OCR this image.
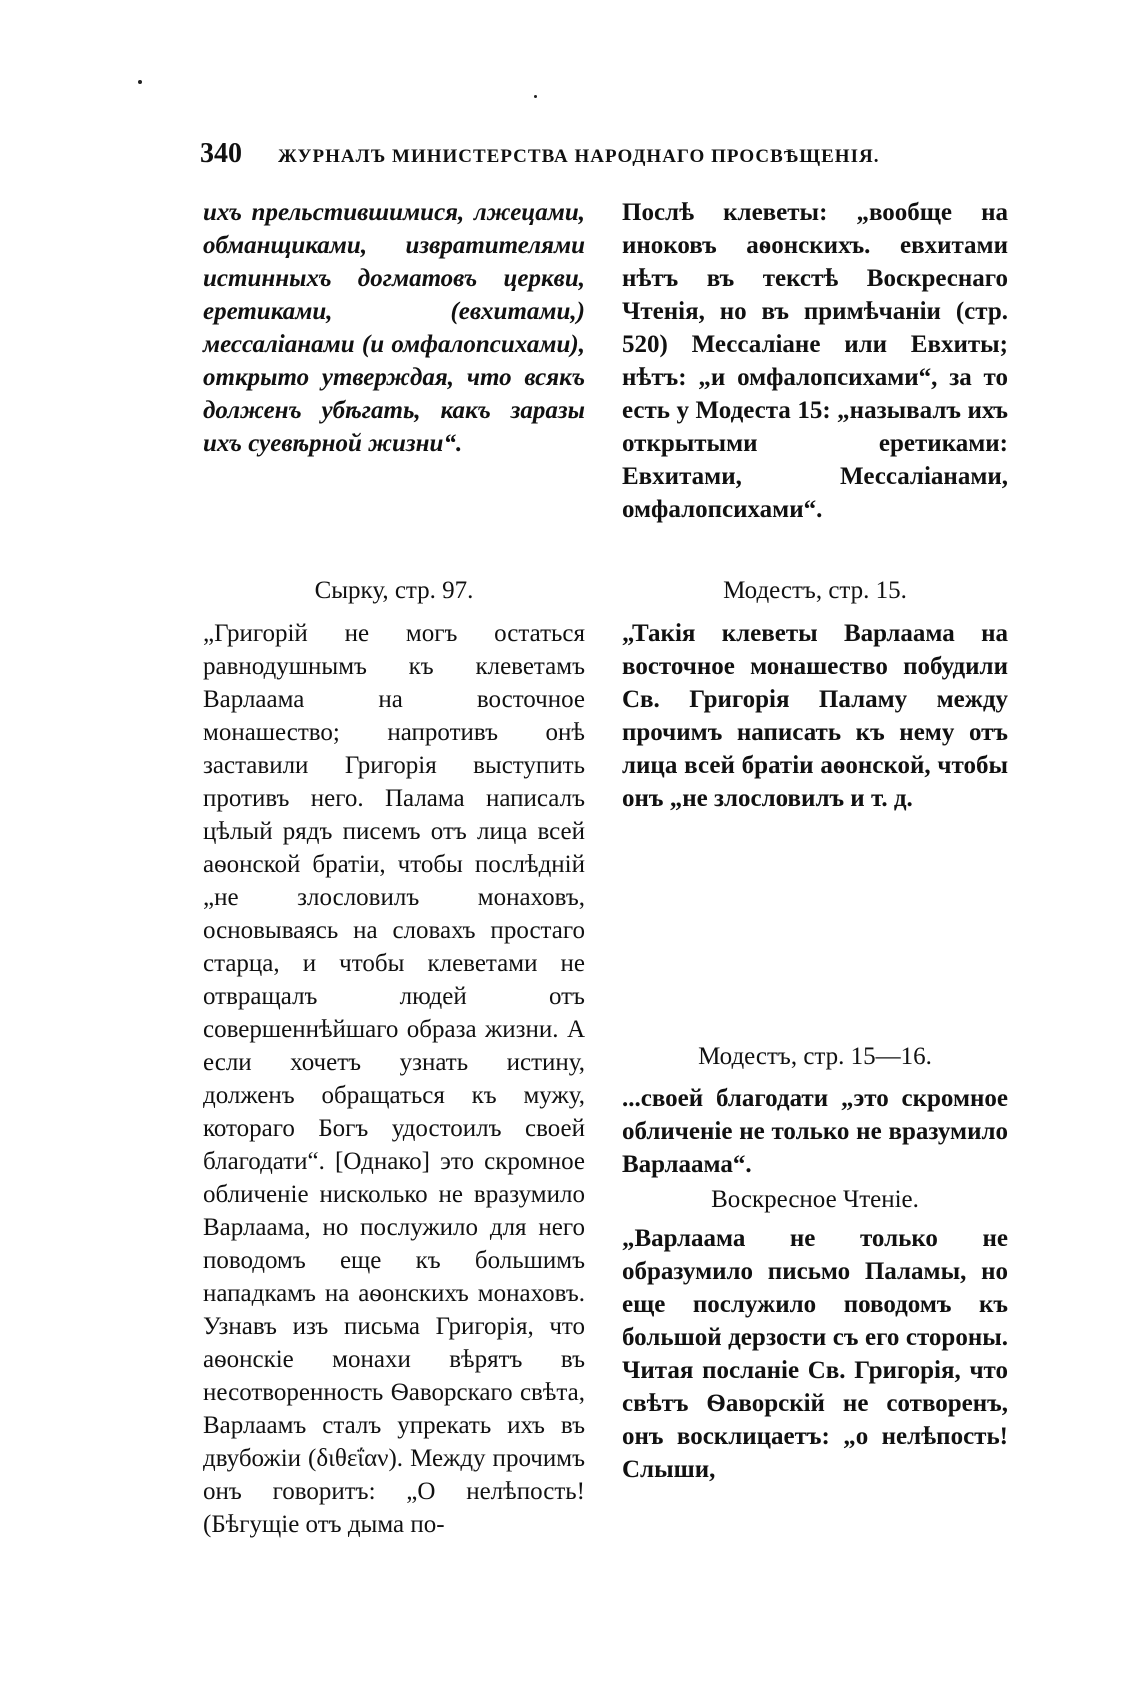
340 ЖУРНАЛЪ МИНИСТЕРСТВА НАРОДНАГО ПРОСВѢЩЕНІЯ.

ихъ прельстившимися, лжецами, обманщиками, извратителями истинныхъ догматовъ церкви, еретиками, (евхитами,) мессаліанами (и омфалопсихами), открыто утверждая, что всякъ долженъ убѣгать, какъ заразы ихъ суевѣрной жизни“.

Послѣ клеветы: „вообще на иноковъ аѳонскихъ. евхитами нѣтъ въ текстѣ Воскреснаго Чтенія, но въ примѣчаніи (стр. 520) Мессаліане или Евхиты; нѣтъ: „и омфалопсихами“, за то есть у Модеста 15: „называлъ ихъ открытыми еретиками: Евхитами, Мессаліанами, омфалопсихами“.

Сырку, стр. 97.

„Григорій не могъ остаться равнодушнымъ къ клеветамъ Варлаама на восточное монашество; напротивъ онѣ заставили Григорія выступить противъ него. Палама написалъ цѣлый рядъ писемъ отъ лица всей аѳонской братіи, чтобы послѣдній „не злословилъ монаховъ, основываясь на словахъ простаго старца, и чтобы клеветами не отвращалъ людей отъ совершеннѣйшаго образа жизни. А если хочетъ узнать истину, долженъ обращаться къ мужу, котораго Богъ удостоилъ своей благодати“. [Однако] это скромное обличеніе нисколько не вразумило Варлаама, но послужило для него поводомъ еще къ большимъ нападкамъ на аѳонскихъ монаховъ. Узнавъ изъ письма Григорія, что аѳонскіе монахи вѣрятъ въ несотворенность Ѳаворскаго свѣта, Варлаамъ сталъ упрекать ихъ въ двубожіи (διθεΐαν). Между прочимъ онъ говоритъ: „О нелѣпость! (Бѣгущіе отъ дыма по-

Модестъ, стр. 15.

„Такія клеветы Варлаама на восточное монашество побудили Св. Григорія Паламу между прочимъ написать къ нему отъ лица всей братіи аѳонской, чтобы онъ „не злословилъ и т. д.

Модестъ, стр. 15—16.

...своей благодати „это скромное обличеніе не только не вразумило Варлаама“.

Воскресное Чтеніе.

„Варлаама не только не образумило письмо Паламы, но еще послужило поводомъ къ большой дерзости съ его стороны. Читая посланіе Св. Григорія, что свѣтъ Ѳаворскій не сотворенъ, онъ восклицаетъ: „о нелѣпость! Слыши,
